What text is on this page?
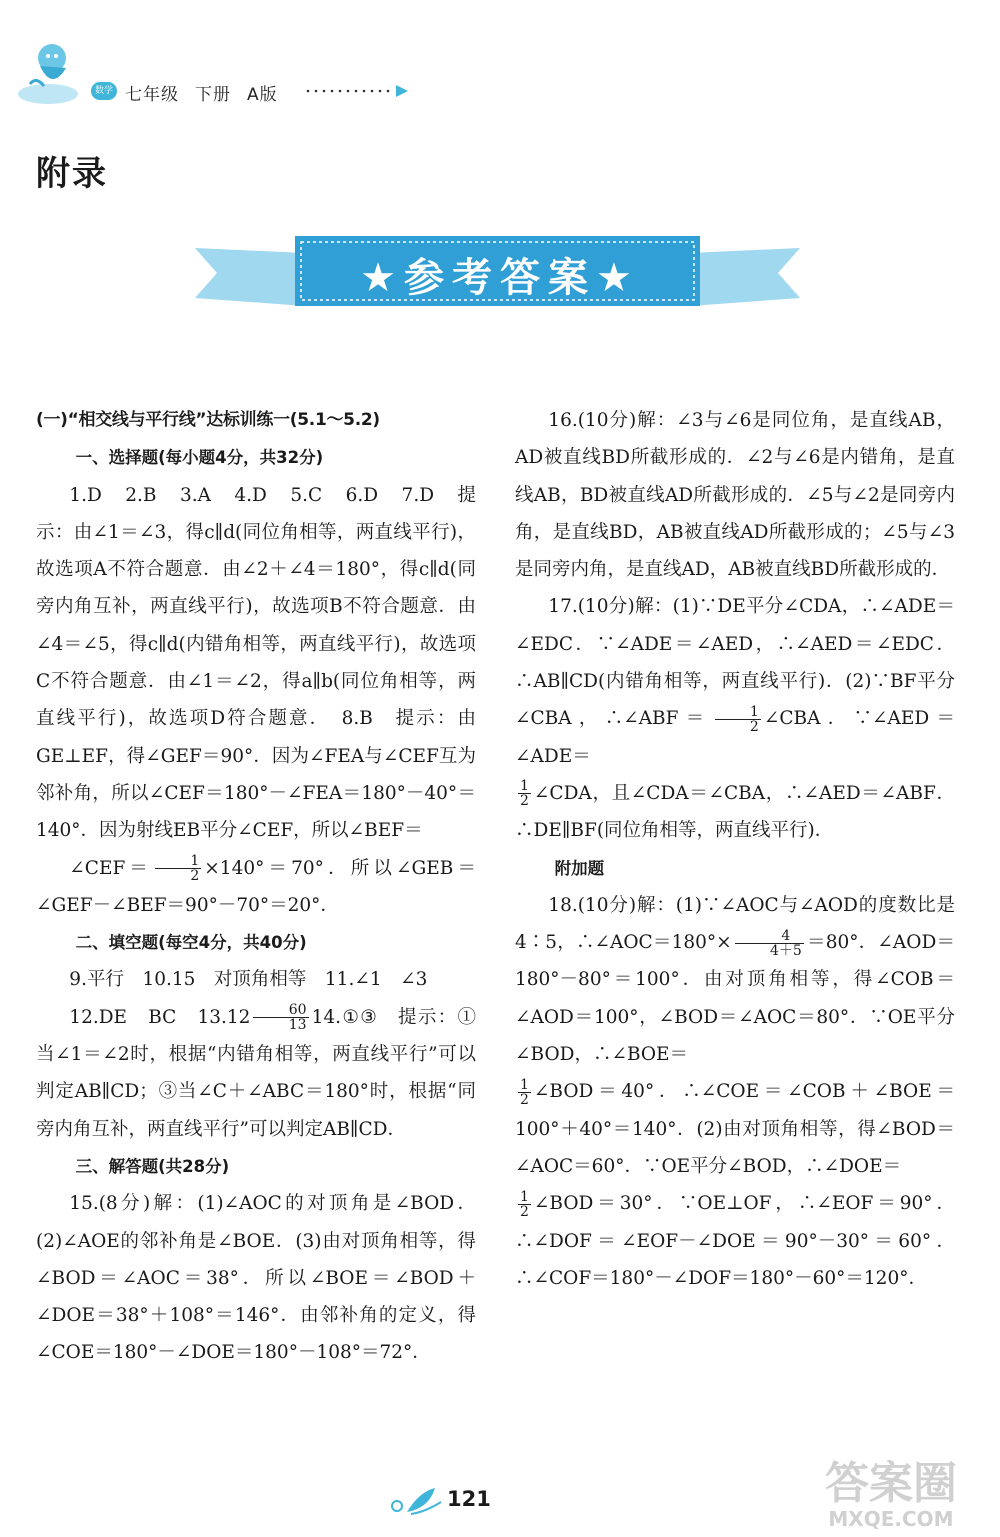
数学 七年级 下册 A版
附录
★参考答案★

(一)“相交线与平行线”达标训练一(5.1～5.2)

一、选择题(每小题4分，共32分)

1.D　2.B　3.A　4.D　5.C　6.D　7.D　提示：由∠1＝∠3，得c∥d(同位角相等，两直线平行)，故选项A不符合题意．由∠2＋∠4＝180°，得c∥d(同旁内角互补，两直线平行)，故选项B不符合题意．由∠4＝∠5，得c∥d(内错角相等，两直线平行)，故选项C不符合题意．由∠1＝∠2，得a∥b(同位角相等，两直线平行)，故选项D符合题意．　8.B　提示：由GE⊥EF，得∠GEF＝90°．因为∠FEA与∠CEF互为邻补角，所以∠CEF＝180°－∠FEA＝180°－40°＝140°．因为射线EB平分∠CEF，所以∠BEF＝

∠CEF＝ $\frac{1}{2} \times 140^\circ=70^\circ$．所以∠GEB＝∠GEF－∠BEF＝90°－70°＝20°．

二、填空题(每空4分，共40分)

9.平行　10.15　对顶角相等　11.∠1　∠3

12.DE　BC　$13.12 \frac{60}{13}$ 14.①③　提示：①当∠1＝∠2时，根据“内错角相等，两直线平行”可以判定AB∥CD；③当∠C＋∠ABC＝180°时，根据“同旁内角互补，两直线平行”可以判定AB∥CD．

三、解答题(共28分)

15.(8分)解：(1)∠AOC的对顶角是∠BOD．(2)∠AOE的邻补角是∠BOE．(3)由对顶角相等，得∠BOD＝∠AOC＝38°．所以∠BOE＝∠BOD＋∠DOE＝38°＋108°＝146°．由邻补角的定义，得∠COE＝180°－∠DOE＝180°－108°＝72°．

16.(10分)解：∠3与∠6是同位角，是直线AB，AD被直线BD所截形成的．∠2与∠6是内错角，是直线AB，BD被直线AD所截形成的．∠5与∠2是同旁内角，是直线BD，AB被直线AD所截形成的；∠5与∠3是同旁内角，是直线AD，AB被直线BD所截形成的．

17.(10分)解：(1)∵DE平分∠CDA，∴∠ADE＝∠EDC．∵∠ADE＝∠AED，∴∠AED＝∠EDC．∴AB∥CD(内错角相等，两直线平行)．(2)∵BF平分∠CBA，∴∠ABF＝ $\frac{1}{2}$ ∠CBA．∵∠AED＝∠ADE＝

$\frac{1}{2}$ ∠CDA，且∠CDA＝∠CBA，∴∠AED＝∠ABF．∴DE∥BF(同位角相等，两直线平行)．

附加题

18.(10分)解：(1)∵∠AOC与∠AOD的度数比是4∶5，∴∠AOC＝180°× $\frac{4}{4+5} =80^\circ$．∠AOD＝180°－80°＝100°．由对顶角相等，得∠COB＝∠AOD＝100°，∠BOD＝∠AOC＝80°．∵OE平分∠BOD，∴∠BOE＝

$\frac{1}{2}$ ∠BOD＝40°．∴∠COE＝∠COB＋∠BOE＝100°＋40°＝140°．(2)由对顶角相等，得∠BOD＝∠AOC＝60°．∵OE平分∠BOD，∴∠DOE＝

$\frac{1}{2}$ ∠BOD＝30°．∵OE⊥OF，∴∠EOF＝90°．∴∠DOF＝∠EOF－∠DOE＝90°－30°＝60°．∴∠COF＝180°－∠DOF＝180°－60°＝120°．

121	答案圈
MXQE.COM
